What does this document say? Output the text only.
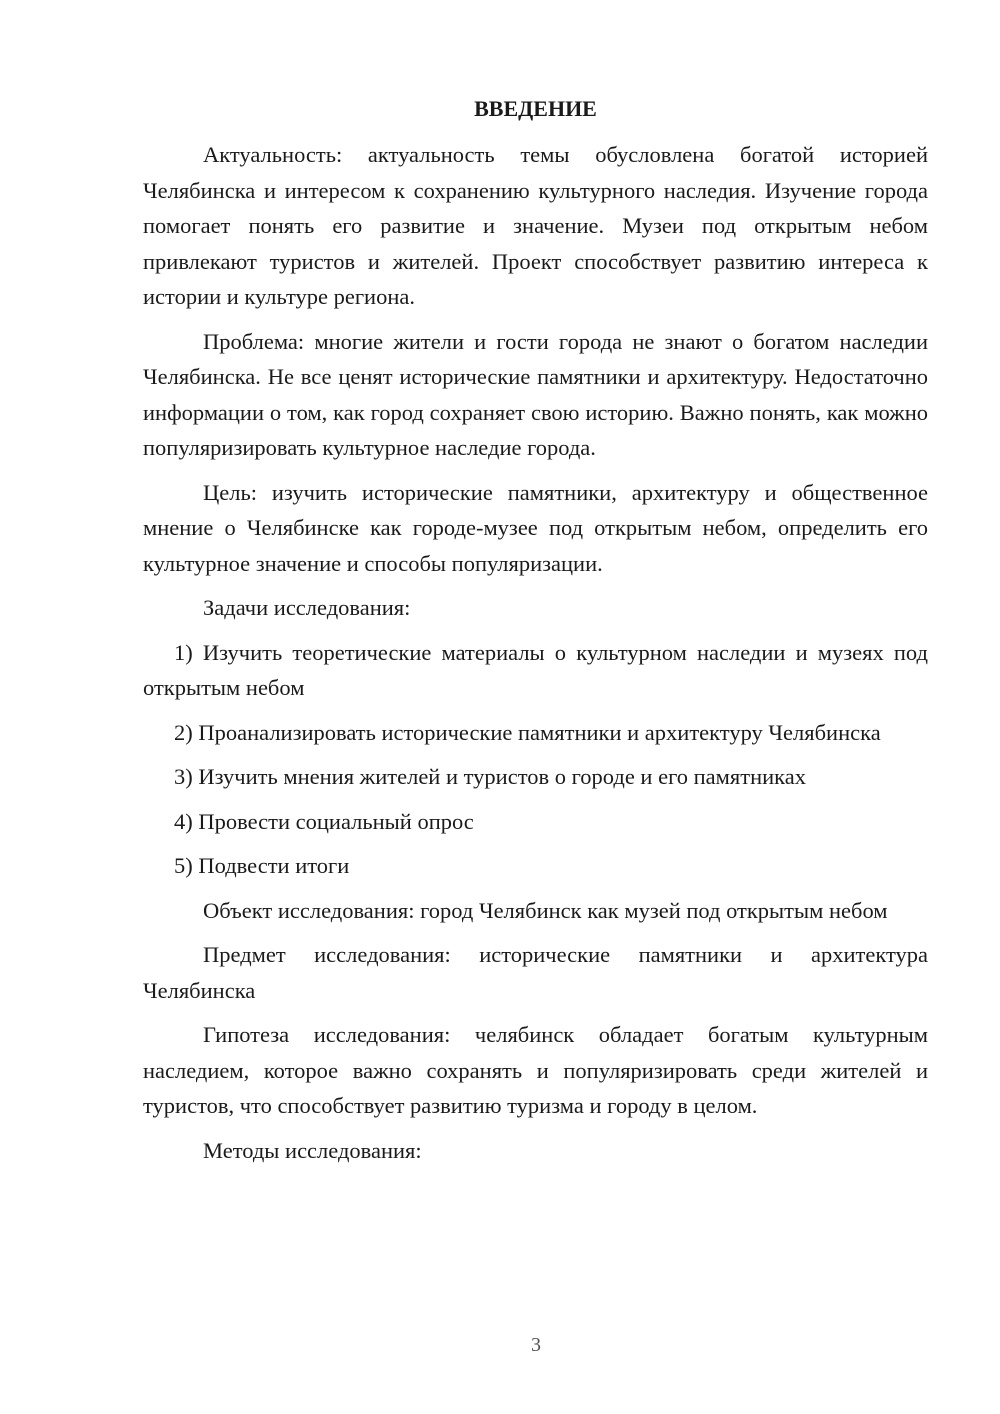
ВВЕДЕНИЕ

Актуальность: актуальность темы обусловлена богатой историей Челябинска и интересом к сохранению культурного наследия. Изучение города помогает понять его развитие и значение. Музеи под открытым небом привлекают туристов и жителей. Проект способствует развитию интереса к истории и культуре региона.

Проблема: многие жители и гости города не знают о богатом наследии Челябинска. Не все ценят исторические памятники и архитектуру. Недостаточно информации о том, как город сохраняет свою историю. Важно понять, как можно популяризировать культурное наследие города.

Цель: изучить исторические памятники, архитектуру и общественное мнение о Челябинске как городе-музее под открытым небом, определить его культурное значение и способы популяризации.

Задачи исследования:

1) Изучить теоретические материалы о культурном наследии и музеях под открытым небом

2) Проанализировать исторические памятники и архитектуру Челябинска

3) Изучить мнения жителей и туристов о городе и его памятниках

4) Провести социальный опрос

5) Подвести итоги

Объект исследования: город Челябинск как музей под открытым небом

Предмет исследования: исторические памятники и архитектура Челябинска

Гипотеза исследования: челябинск обладает богатым культурным наследием, которое важно сохранять и популяризировать среди жителей и туристов, что способствует развитию туризма и городу в целом.

Методы исследования:

3
